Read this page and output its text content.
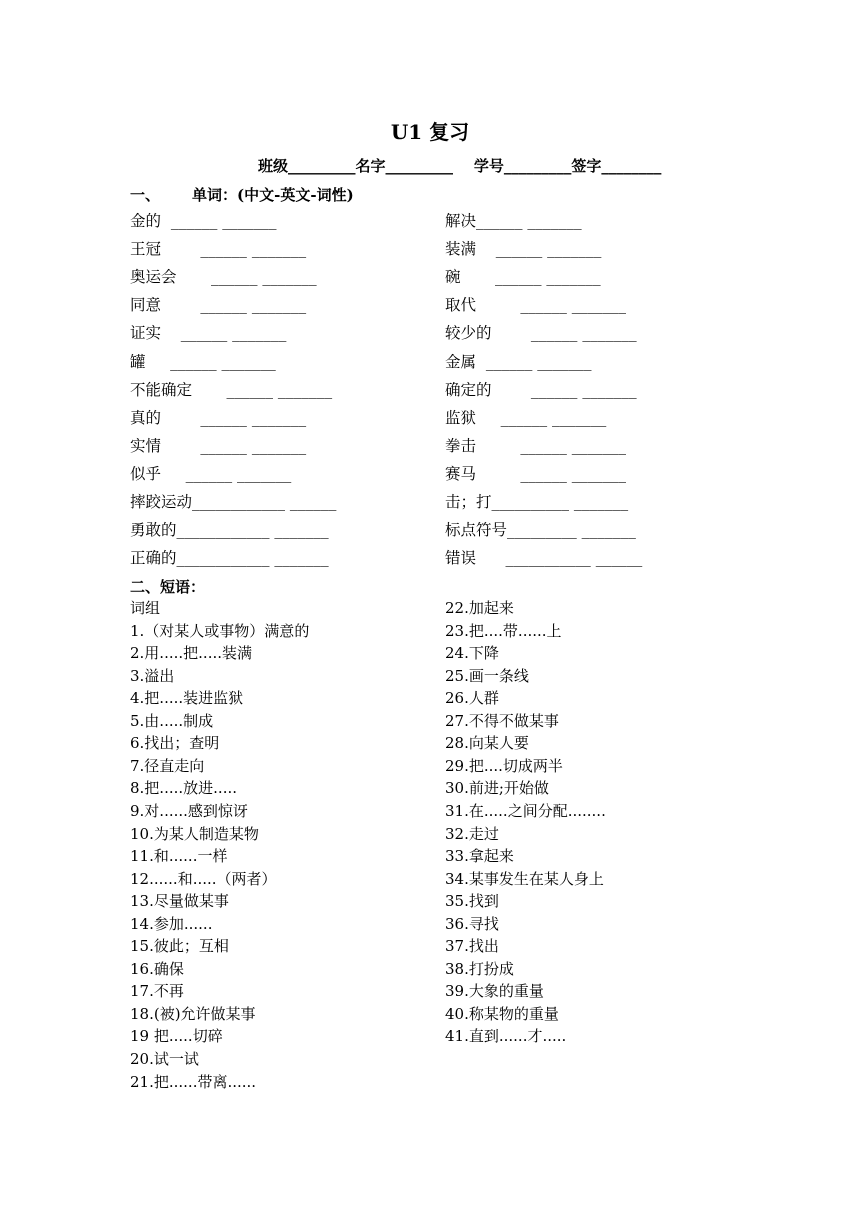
U1 复习
班级_________名字_________    学号_________签字________
一、 单词：(中文-英文-词性)
金的  ______ _______
王冠        ______ _______
奥运会       ______ _______
同意        ______ _______
证实    ______ _______
罐     ______ _______
不能确定       ______ _______
真的        ______ _______
实情        ______ _______
似乎     ______ _______
摔跤运动____________ ______
勇敢的____________ _______
正确的____________ _______
解决______ _______
装满    ______ _______
碗       ______ _______
取代         ______ _______
较少的        ______ _______
金属  ______ _______
确定的        ______ _______
监狱     ______ _______
拳击         ______ _______
赛马         ______ _______
击；打__________ _______
标点符号_________ _______
错误      ___________ ______
二、短语：
词组
1.（对某人或事物）满意的
2.用.....把.....装满
3.溢出
4.把.....装进监狱
5.由.....制成
6.找出；查明
7.径直走向
8.把.....放进.....
9.对......感到惊讶
10.为某人制造某物
11.和......一样
12......和.....（两者）
13.尽量做某事
14.参加......
15.彼此；互相
16.确保
17.不再
18.(被)允许做某事
19 把.....切碎
20.试一试
21.把......带离......
22.加起来
23.把....带......上
24.下降
25.画一条线
26.人群
27.不得不做某事
28.向某人要
29.把....切成两半
30.前进;开始做
31.在.....之间分配........
32.走过
33.拿起来
34.某事发生在某人身上
35.找到
36.寻找
37.找出
38.打扮成
39.大象的重量
40.称某物的重量
41.直到......才.....
